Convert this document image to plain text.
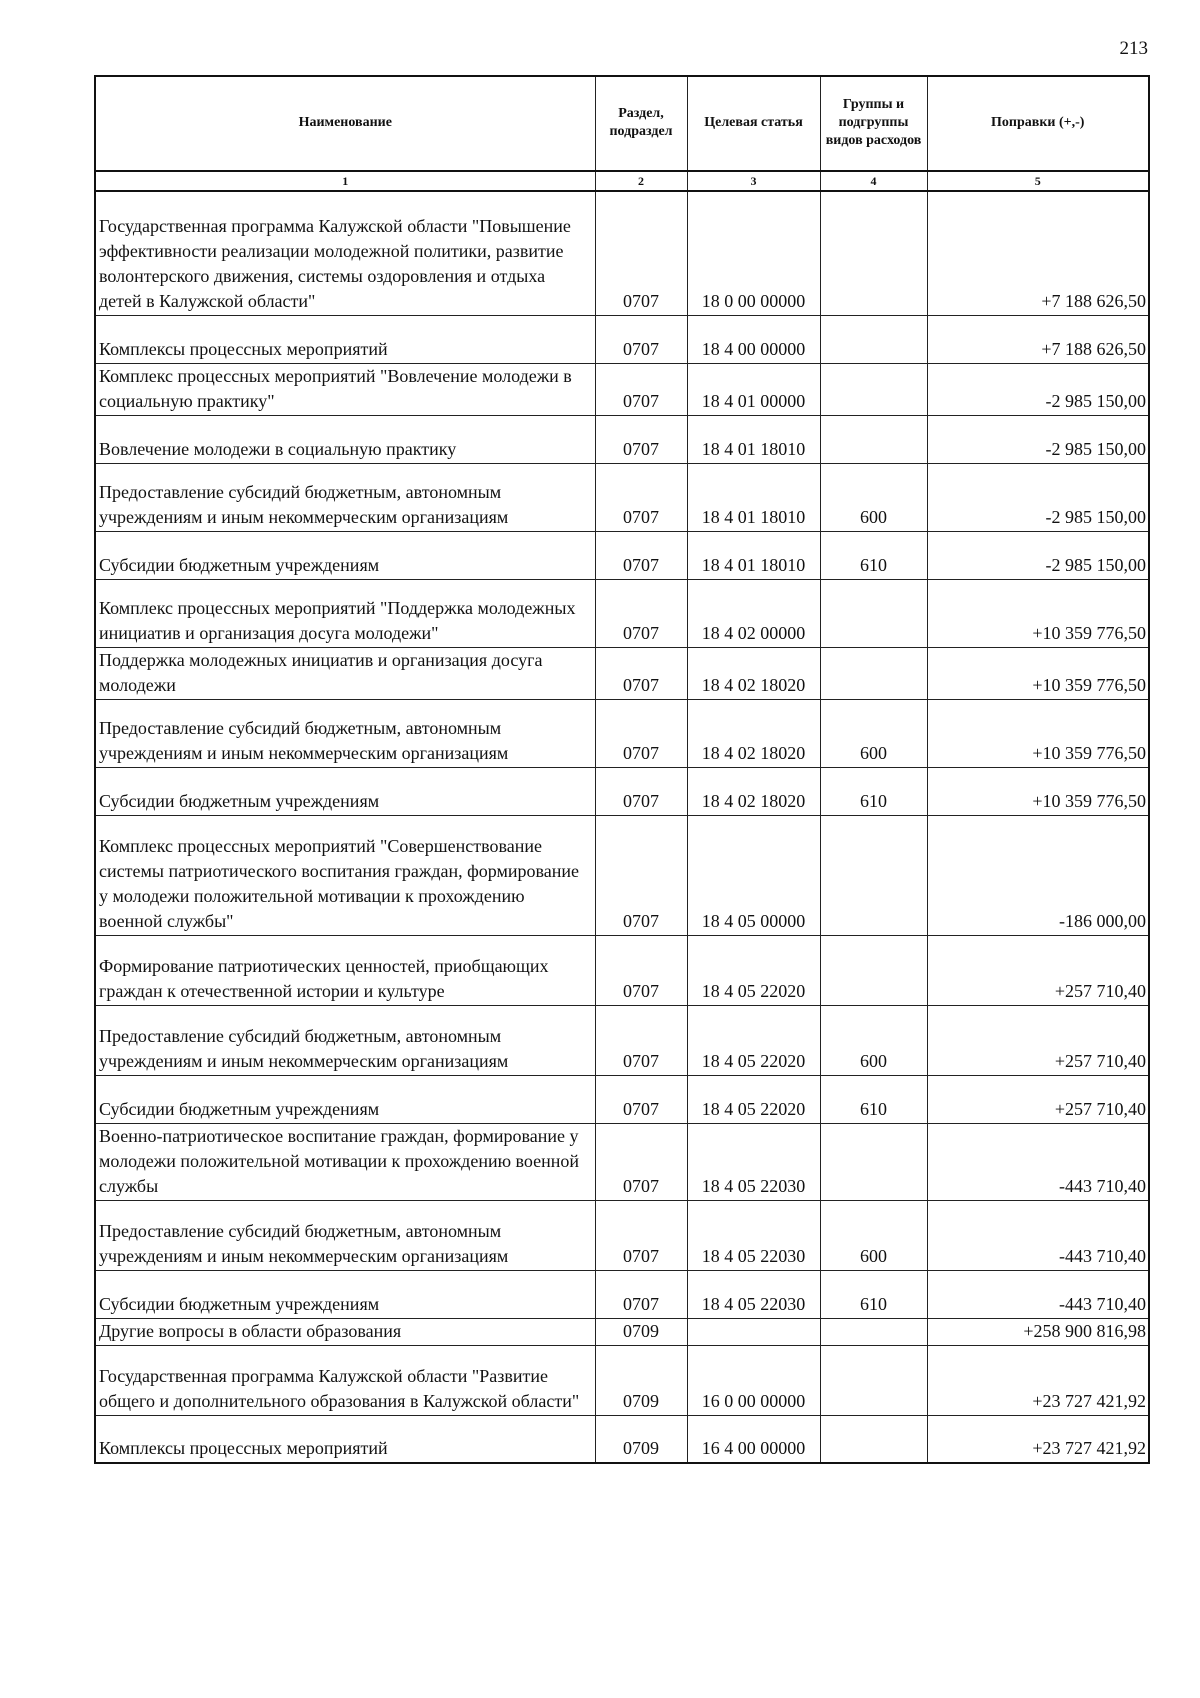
213
Наименование	Раздел, подраздел	Целевая статья	Группы и подгруппы видов расходов	Поправки (+,-)
1	2	3	4	5
Государственная программа Калужской области "Повышение эффективности реализации молодежной политики, развитие волонтерского движения, системы оздоровления и отдыха детей в Калужской области"	0707	18 0 00 00000		+7 188 626,50
Комплексы процессных мероприятий	0707	18 4 00 00000		+7 188 626,50
Комплекс процессных мероприятий "Вовлечение молодежи в социальную практику"	0707	18 4 01 00000		-2 985 150,00
Вовлечение молодежи в социальную практику	0707	18 4 01 18010		-2 985 150,00
Предоставление субсидий бюджетным, автономным учреждениям и иным некоммерческим организациям	0707	18 4 01 18010	600	-2 985 150,00
Субсидии бюджетным учреждениям	0707	18 4 01 18010	610	-2 985 150,00
Комплекс процессных мероприятий "Поддержка молодежных инициатив и организация досуга молодежи"	0707	18 4 02 00000		+10 359 776,50
Поддержка молодежных инициатив и организация досуга молодежи	0707	18 4 02 18020		+10 359 776,50
Предоставление субсидий бюджетным, автономным учреждениям и иным некоммерческим организациям	0707	18 4 02 18020	600	+10 359 776,50
Субсидии бюджетным учреждениям	0707	18 4 02 18020	610	+10 359 776,50
Комплекс процессных мероприятий "Совершенствование системы патриотического воспитания граждан, формирование у молодежи положительной мотивации к прохождению военной службы"	0707	18 4 05 00000		-186 000,00
Формирование патриотических ценностей, приобщающих граждан к отечественной истории и культуре	0707	18 4 05 22020		+257 710,40
Предоставление субсидий бюджетным, автономным учреждениям и иным некоммерческим организациям	0707	18 4 05 22020	600	+257 710,40
Субсидии бюджетным учреждениям	0707	18 4 05 22020	610	+257 710,40
Военно-патриотическое воспитание граждан, формирование у молодежи положительной мотивации к прохождению военной службы	0707	18 4 05 22030		-443 710,40
Предоставление субсидий бюджетным, автономным учреждениям и иным некоммерческим организациям	0707	18 4 05 22030	600	-443 710,40
Субсидии бюджетным учреждениям	0707	18 4 05 22030	610	-443 710,40
Другие вопросы в области образования	0709			+258 900 816,98
Государственная программа Калужской области "Развитие общего и дополнительного образования в Калужской области"	0709	16 0 00 00000		+23 727 421,92
Комплексы процессных мероприятий	0709	16 4 00 00000		+23 727 421,92
